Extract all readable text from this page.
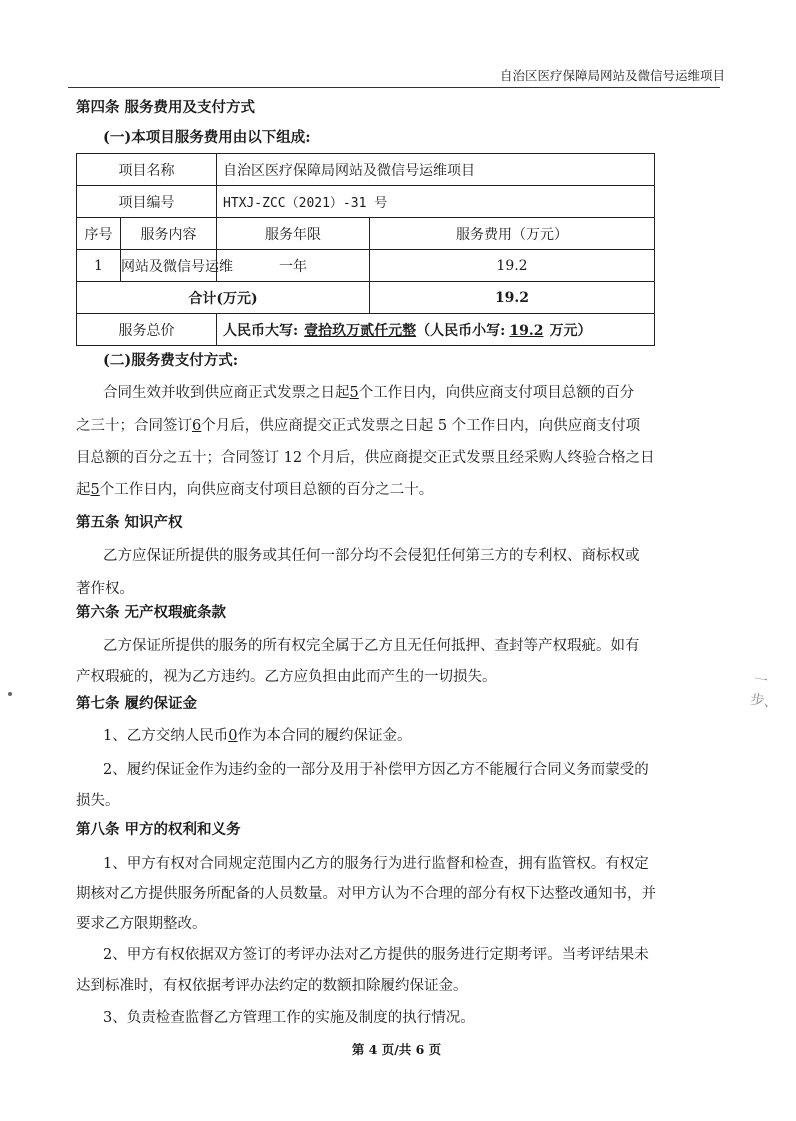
自治区医疗保障局网站及微信号运维项目
第四条 服务费用及支付方式
(一)本项目服务费用由以下组成:
项目名称		自治区医疗保障局网站及微信号运维项目	
项目编号		HTXJ-ZCC（2021）-31 号	
序号	服务内容	服务年限	服务费用（万元）
1	网站及微信号运维	一年	19.2
合计(万元)			19.2
服务总价		人民币大写: 壹拾玖万贰仟元整（人民币小写: 19.2 万元）	
(二)服务费支付方式:
合同生效并收到供应商正式发票之日起5个工作日内，向供应商支付项目总额的百分
之三十；合同签订6个月后，供应商提交正式发票之日起 5 个工作日内，向供应商支付项
目总额的百分之五十；合同签订 12 个月后，供应商提交正式发票且经采购人终验合格之日
起5个工作日内，向供应商支付项目总额的百分之二十。
第五条 知识产权
乙方应保证所提供的服务或其任何一部分均不会侵犯任何第三方的专利权、商标权或
著作权。
第六条 无产权瑕疵条款
乙方保证所提供的服务的所有权完全属于乙方且无任何抵押、查封等产权瑕疵。如有
产权瑕疵的，视为乙方违约。乙方应负担由此而产生的一切损失。
第七条 履约保证金
1、乙方交纳人民币0作为本合同的履约保证金。
2、履约保证金作为违约金的一部分及用于补偿甲方因乙方不能履行合同义务而蒙受的
损失。
第八条 甲方的权利和义务
1、甲方有权对合同规定范围内乙方的服务行为进行监督和检查，拥有监管权。有权定
期核对乙方提供服务所配备的人员数量。对甲方认为不合理的部分有权下达整改通知书，并
要求乙方限期整改。
2、甲方有权依据双方签订的考评办法对乙方提供的服务进行定期考评。当考评结果未
达到标准时，有权依据考评办法约定的数额扣除履约保证金。
3、负责检查监督乙方管理工作的实施及制度的执行情况。
第 4 页/共 6 页
一步、
